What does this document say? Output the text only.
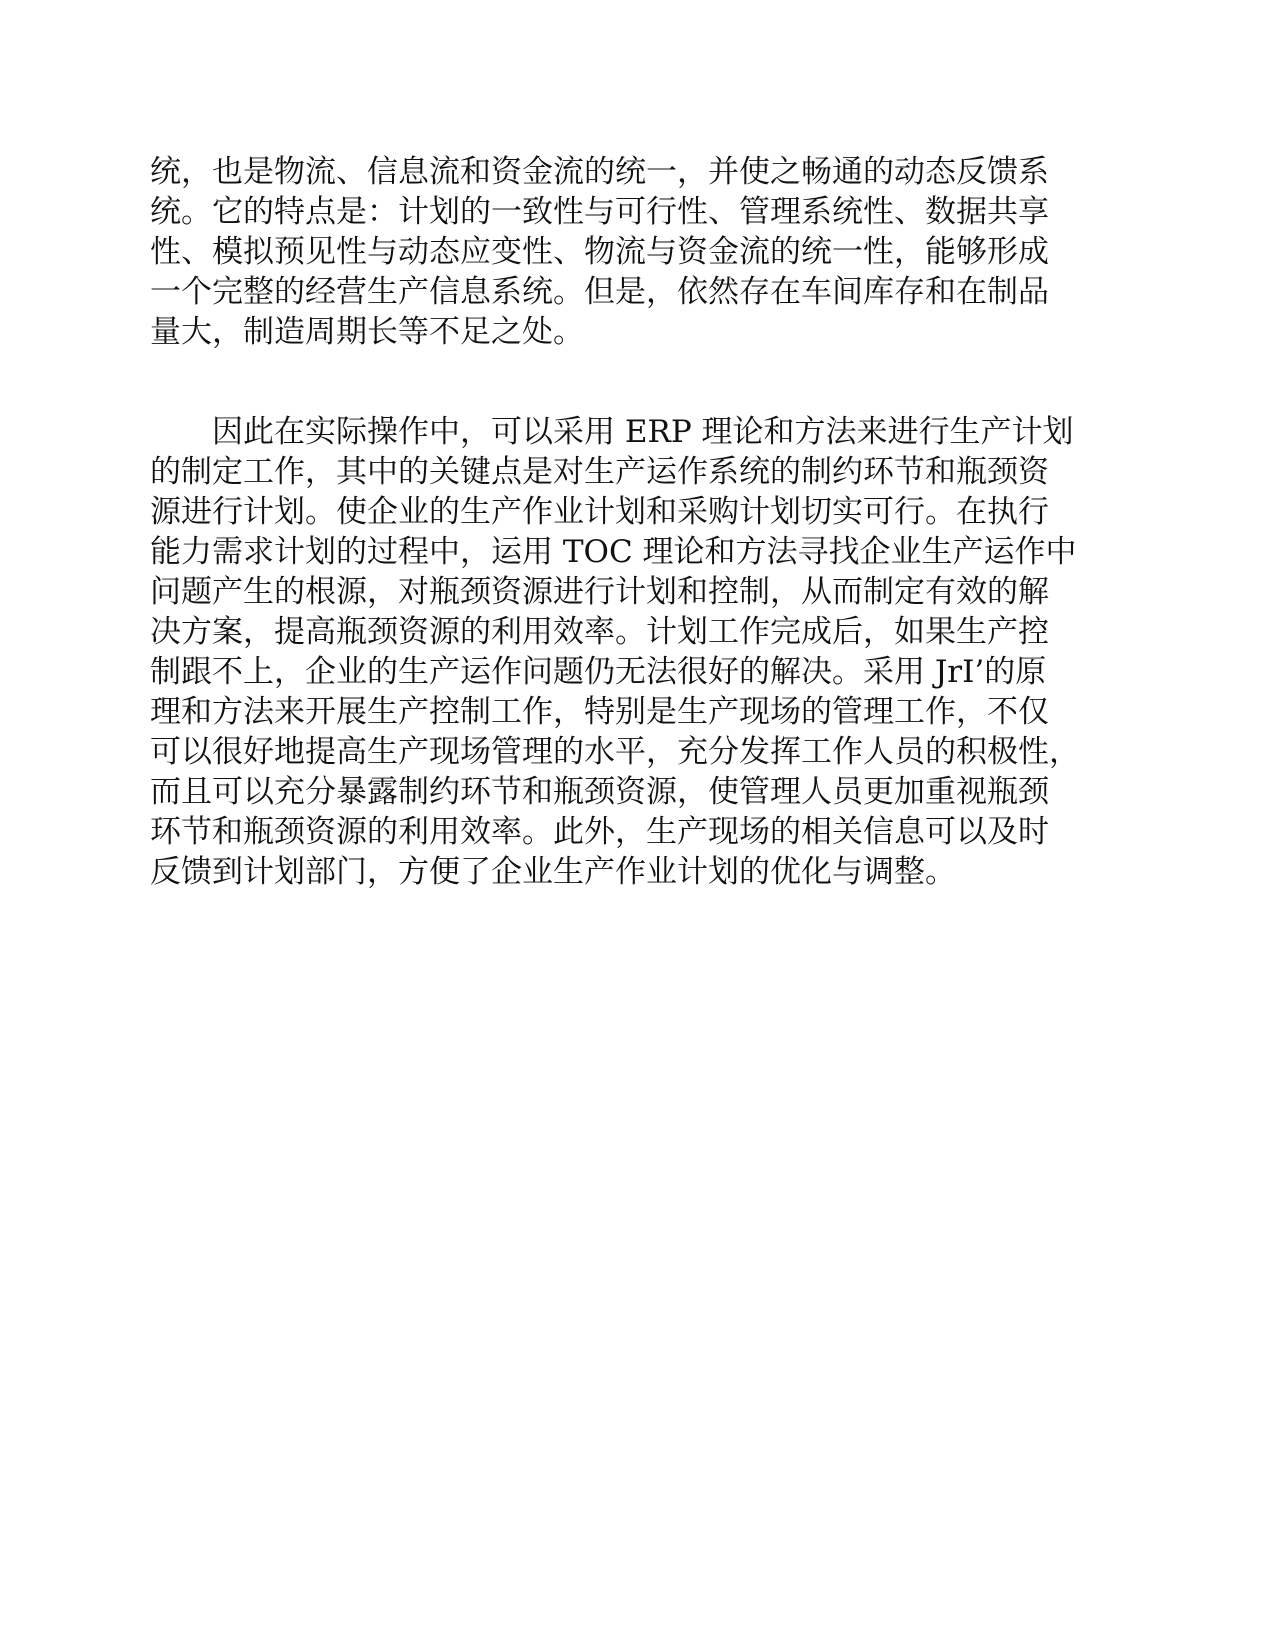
统，也是物流、信息流和资金流的统一，并使之畅通的动态反馈系
统。它的特点是：计划的一致性与可行性、管理系统性、数据共享
性、模拟预见性与动态应变性、物流与资金流的统一性，能够形成
一个完整的经营生产信息系统。但是，依然存在车间库存和在制品
量大，制造周期长等不足之处。
　　因此在实际操作中，可以采用 ERP 理论和方法来进行生产计划
的制定工作，其中的关键点是对生产运作系统的制约环节和瓶颈资
源进行计划。使企业的生产作业计划和采购计划切实可行。在执行
能力需求计划的过程中，运用 TOC 理论和方法寻找企业生产运作中
问题产生的根源，对瓶颈资源进行计划和控制，从而制定有效的解
决方案，提高瓶颈资源的利用效率。计划工作完成后，如果生产控
制跟不上，企业的生产运作问题仍无法很好的解决。采用 JrI’的原
理和方法来开展生产控制工作，特别是生产现场的管理工作，不仅
可以很好地提高生产现场管理的水平，充分发挥工作人员的积极性，
而且可以充分暴露制约环节和瓶颈资源，使管理人员更加重视瓶颈
环节和瓶颈资源的利用效率。此外，生产现场的相关信息可以及时
反馈到计划部门，方便了企业生产作业计划的优化与调整。
